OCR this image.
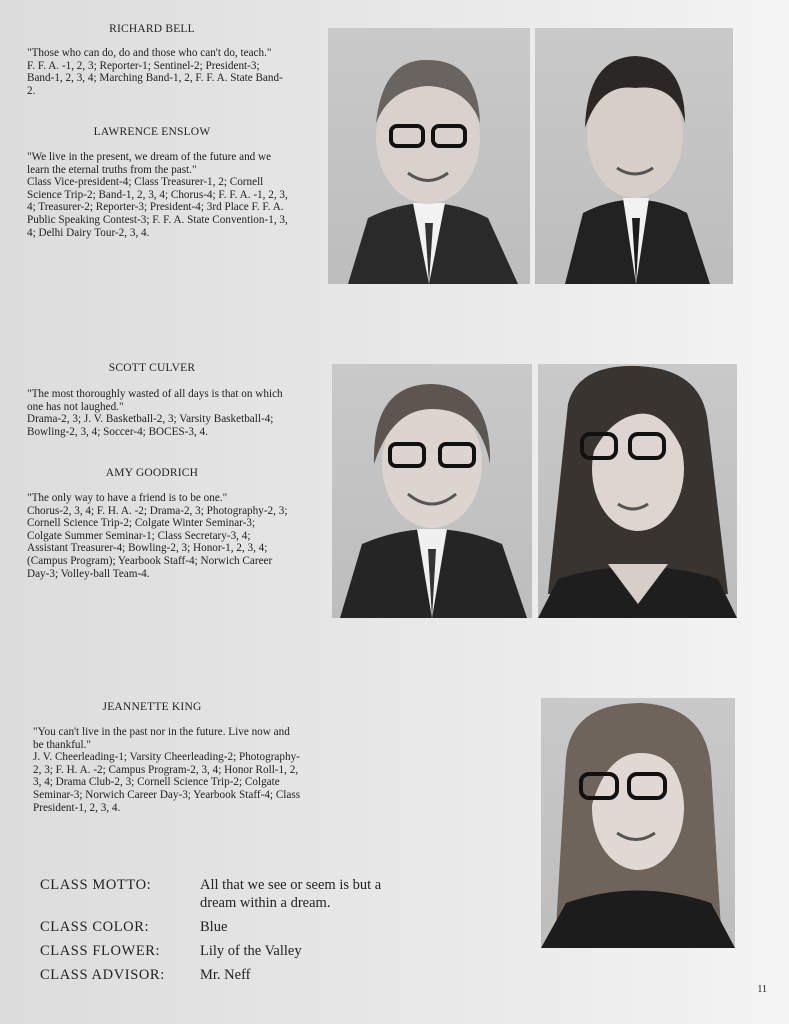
RICHARD BELL
"Those who can do, do and those who can't do, teach."
F. F. A. -1, 2, 3; Reporter-1; Sentinel-2; President-3; Band-1, 2, 3, 4; Marching Band-1, 2, F. F. A. State Band-2.
LAWRENCE ENSLOW
"We live in the present, we dream of the future and we learn the eternal truths from the past."
Class Vice-president-4; Class Treasurer-1, 2; Cornell Science Trip-2; Band-1, 2, 3, 4; Chorus-4; F. F. A. -1, 2, 3, 4; Treasurer-2; Reporter-3; President-4; 3rd Place F. F. A. Public Speaking Contest-3; F. F. A. State Convention-1, 3, 4; Delhi Dairy Tour-2, 3, 4.
SCOTT CULVER
"The most thoroughly wasted of all days is that on which one has not laughed."
Drama-2, 3; J. V. Basketball-2, 3; Varsity Basketball-4; Bowling-2, 3, 4; Soccer-4; BOCES-3, 4.
AMY GOODRICH
"The only way to have a friend is to be one."
Chorus-2, 3, 4; F. H. A. -2; Drama-2, 3; Photography-2, 3; Cornell Science Trip-2; Colgate Winter Seminar-3; Colgate Summer Seminar-1; Class Secretary-3, 4; Assistant Treasurer-4; Bowling-2, 3; Honor-1, 2, 3, 4; (Campus Program); Yearbook Staff-4; Norwich Career Day-3; Volley-ball Team-4.
JEANNETTE KING
"You can't live in the past nor in the future. Live now and be thankful."
J. V. Cheerleading-1; Varsity Cheerleading-2; Photography-2, 3; F. H. A. -2; Campus Program-2, 3, 4; Honor Roll-1, 2, 3, 4; Drama Club-2, 3; Cornell Science Trip-2; Colgate Seminar-3; Norwich Career Day-3; Yearbook Staff-4; Class President-1, 2, 3, 4.
CLASS MOTTO:	All that we see or seem is but a dream within a dream.
CLASS COLOR:	Blue
CLASS FLOWER:	Lily of the Valley
CLASS ADVISOR:	Mr. Neff
11
